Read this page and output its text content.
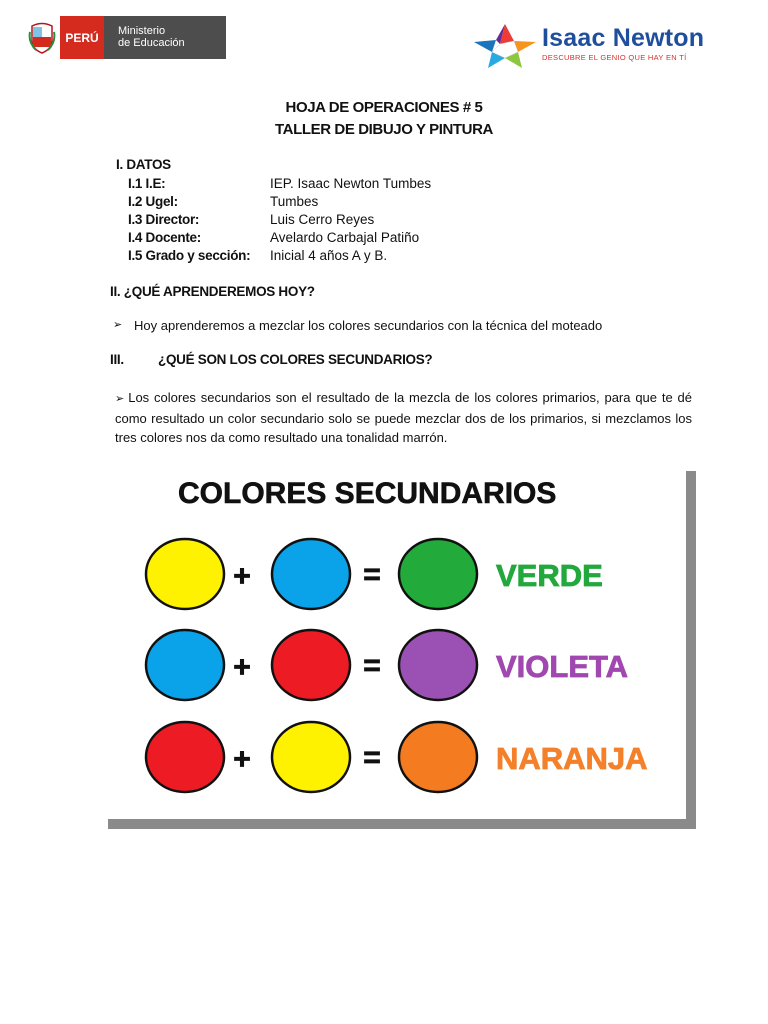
PERÚ	Ministerio
de Educación	Isaac Newton
DESCUBRE EL GENIO QUE HAY EN TÍ
HOJA DE OPERACIONES # 5
TALLER DE DIBUJO Y PINTURA
I. DATOS
I.1 I.E:	IEP. Isaac Newton Tumbes
I.2 Ugel:	Tumbes
I.3 Director:	Luis Cerro Reyes
I.4 Docente:	Avelardo Carbajal Patiño
I.5 Grado y sección: Inicial 4 años A y B.
II. ¿QUÉ APRENDEREMOS HOY?
➢ Hoy aprenderemos a mezclar los colores secundarios con la técnica del moteado
III.	¿QUÉ SON LOS COLORES SECUNDARIOS?
➢ Los colores secundarios son el resultado de la mezcla de los colores primarios, para que te dé como resultado un color secundario solo se puede mezclar dos de los primarios, si mezclamos los tres colores nos da como resultado una tonalidad marrón.
COLORES SECUNDARIOS
+	=	VERDE
+	=	VIOLETA
+	=	NARANJA
